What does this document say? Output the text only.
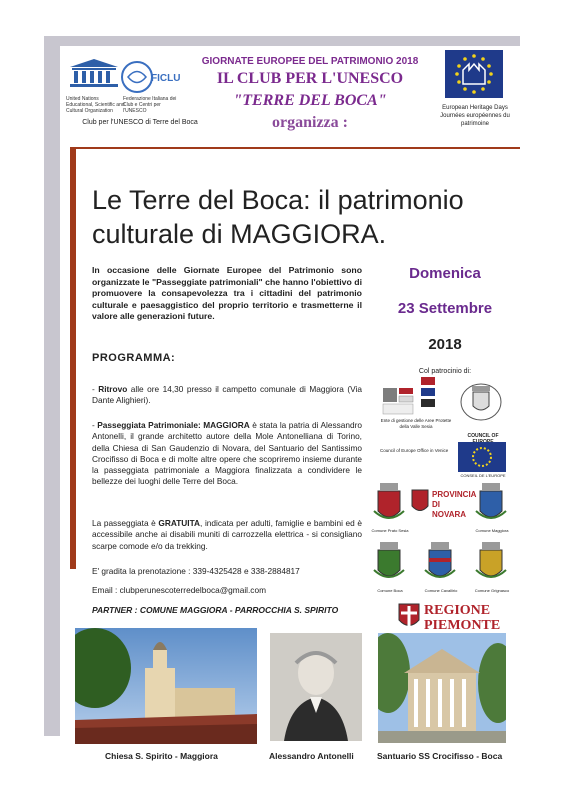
United Nations Educational, Scientific and Cultural Organization
FICLU
Federazione Italiana dei Club e Centri per l'UNESCO
Club per l'UNESCO di Terre del Boca
GIORNATE EUROPEE DEL PATRIMONIO 2018
IL CLUB PER L'UNESCO
"TERRE DEL BOCA"
organizza :
European Heritage Days
Journées européennes du patrimoine
Le Terre del Boca: il patrimonio culturale di MAGGIORA.
In occasione delle Giornate Europee del Patrimonio sono organizzate le "Passeggiate patrimoniali" che hanno l'obiettivo di promuovere la consapevolezza tra i cittadini del patrimonio culturale e paesaggistico del proprio territorio e trasmetterne il valore alle generazioni future.
Domenica
23 Settembre
2018
PROGRAMMA:
- Ritrovo alle ore 14,30 presso il campetto comunale di Maggiora (Via Dante Alighieri).
- Passeggiata Patrimoniale: MAGGIORA è stata la patria di Alessandro Antonelli, il grande architetto autore della Mole Antonelliana di Torino, della Chiesa di San Gaudenzio di Novara, del Santuario del Santissimo Crocifisso di Boca e di molte altre opere che scopriremo insieme durante la passeggiata patrimoniale a Maggiora finalizzata a condividere le bellezze dei luoghi delle Terre del Boca.
La passeggiata è GRATUITA, indicata per adulti, famiglie e bambini ed è accessibile anche ai disabili muniti di carrozzella elettrica - si consigliano scarpe comode e/o da trekking.
E' gradita la prenotazione : 339-4325428 e 338-2884817
Email : clubperunescoterredelboca@gmail.com
PARTNER : COMUNE MAGGIORA - PARROCCHIA S. SPIRITO
Col patrocinio di:
Ente di gestione delle Aree Protette della Valle Sesia
COUNCIL OF
CONSEIL DE L'EUROPE
Council of Europe Office in Venice
Comune Prato Sesia
PROVINCIA DI NOVARA
Comune Maggiora
Comune Boca	Comune Cavallirio	Comune Grignasco
REGIONE PIEMONTE
Chiesa S. Spirito - Maggiora	Alessandro Antonelli	Santuario SS Crocifisso - Boca
